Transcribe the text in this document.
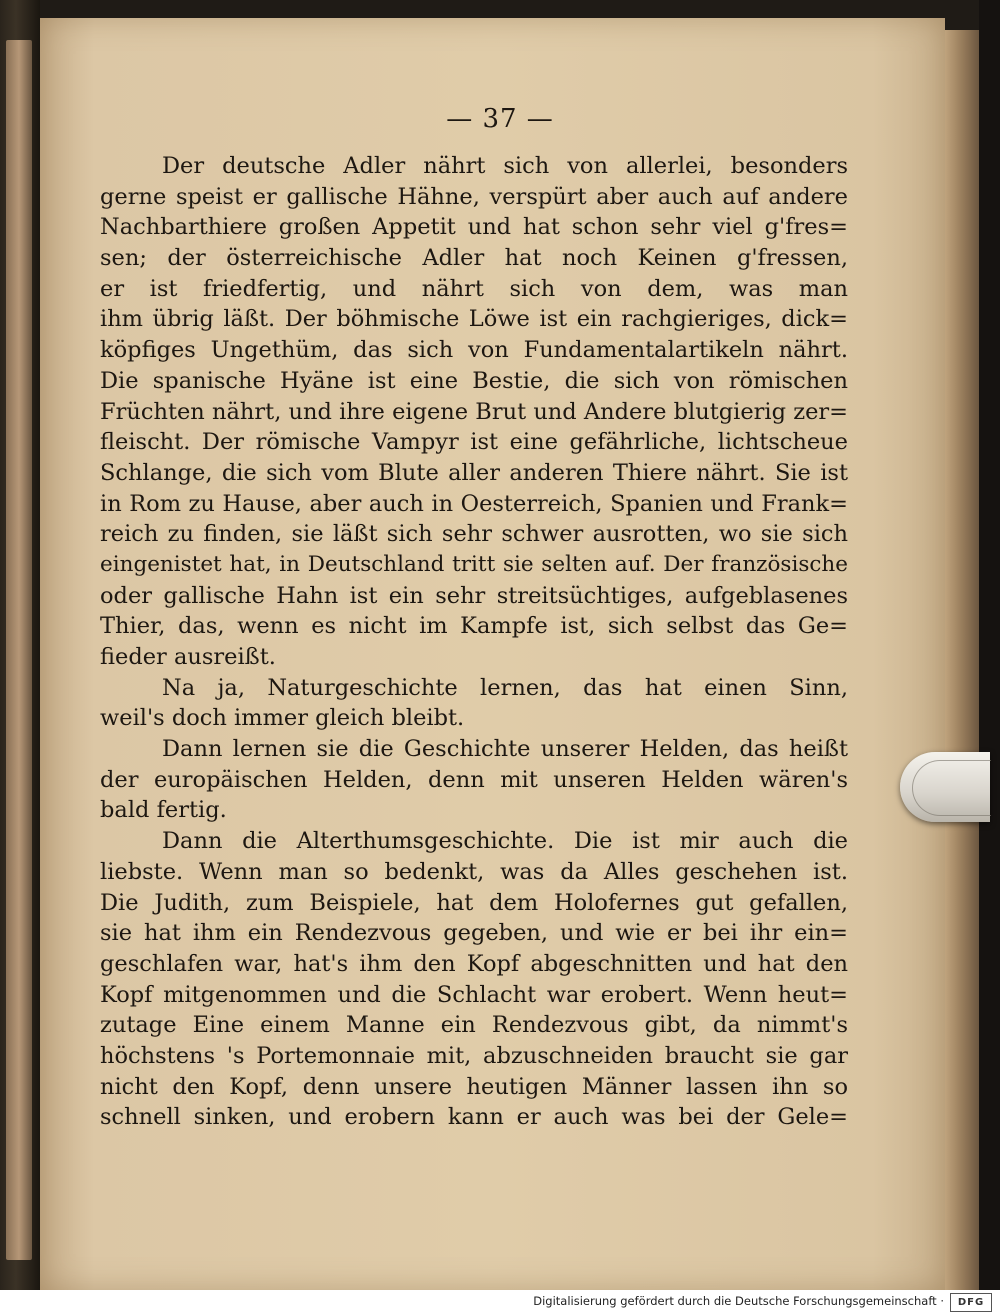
— 37 —
Der deutsche Adler nährt sich von allerlei, besonders
gerne speist er gallische Hähne, verspürt aber auch auf andere
Nachbarthiere großen Appetit und hat schon sehr viel g'fres=
sen; der österreichische Adler hat noch Keinen g'fressen,
er ist friedfertig, und nährt sich von dem, was man
ihm übrig läßt. Der böhmische Löwe ist ein rachgieriges, dick=
köpfiges Ungethüm, das sich von Fundamentalartikeln nährt.
Die spanische Hyäne ist eine Bestie, die sich von römischen
Früchten nährt, und ihre eigene Brut und Andere blutgierig zer=
fleischt. Der römische Vampyr ist eine gefährliche, lichtscheue
Schlange, die sich vom Blute aller anderen Thiere nährt. Sie ist
in Rom zu Hause, aber auch in Oesterreich, Spanien und Frank=
reich zu finden, sie läßt sich sehr schwer ausrotten, wo sie sich
eingenistet hat, in Deutschland tritt sie selten auf. Der französische
oder gallische Hahn ist ein sehr streitsüchtiges, aufgeblasenes
Thier, das, wenn es nicht im Kampfe ist, sich selbst das Ge=
fieder ausreißt.
Na ja, Naturgeschichte lernen, das hat einen Sinn,
weil's doch immer gleich bleibt.
Dann lernen sie die Geschichte unserer Helden, das heißt
der europäischen Helden, denn mit unseren Helden wären's
bald fertig.
Dann die Alterthumsgeschichte. Die ist mir auch die
liebste. Wenn man so bedenkt, was da Alles geschehen ist.
Die Judith, zum Beispiele, hat dem Holofernes gut gefallen,
sie hat ihm ein Rendezvous gegeben, und wie er bei ihr ein=
geschlafen war, hat's ihm den Kopf abgeschnitten und hat den
Kopf mitgenommen und die Schlacht war erobert. Wenn heut=
zutage Eine einem Manne ein Rendezvous gibt, da nimmt's
höchstens 's Portemonnaie mit, abzuschneiden braucht sie gar
nicht den Kopf, denn unsere heutigen Männer lassen ihn so
schnell sinken, und erobern kann er auch was bei der Gele=
Digitalisierung gefördert durch die Deutsche Forschungsgemeinschaft ·	DFG
